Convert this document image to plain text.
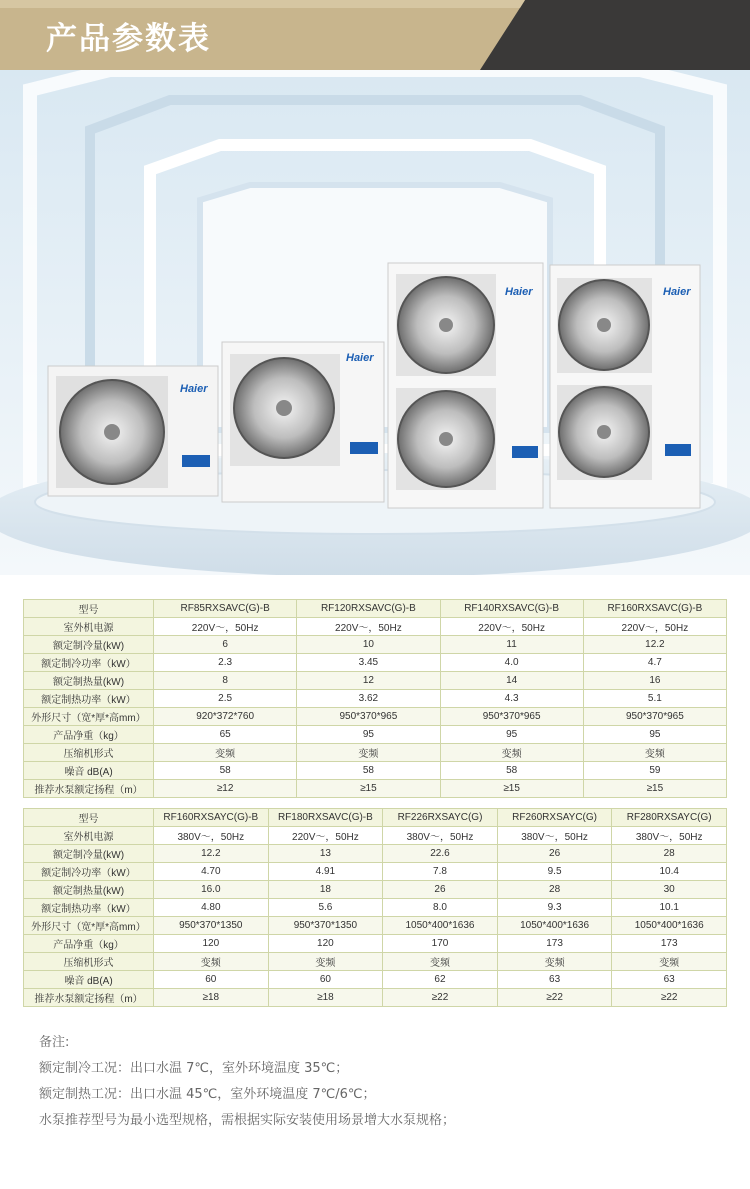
产品参数表
Haier
Haier
Haier	Haier
型号	RF85RXSAVC(G)-B	RF120RXSAVC(G)-B	RF140RXSAVC(G)-B	RF160RXSAVC(G)-B
室外机电源	220V～，50Hz	220V～，50Hz	220V～，50Hz	220V～，50Hz
额定制冷量(kW)	6	10	11	12.2
额定制冷功率（kW）	2.3	3.45	4.0	4.7
额定制热量(kW)	8	12	14	16
额定制热功率（kW）	2.5	3.62	4.3	5.1
外形尺寸（宽*厚*高mm）	920*372*760	950*370*965	950*370*965	950*370*965
产品净重（kg）	65	95	95	95
压缩机形式	变频	变频	变频	变频
噪音 dB(A)	58	58	58	59
推荐水泵额定扬程（m）	≥12	≥15	≥15	≥15
型号	RF160RXSAYC(G)-B	RF180RXSAVC(G)-B	RF226RXSAYC(G)	RF260RXSAYC(G)	RF280RXSAYC(G)
室外机电源	380V～，50Hz	220V～，50Hz	380V～，50Hz	380V～，50Hz	380V～，50Hz
额定制冷量(kW)	12.2	13	22.6	26	28
额定制冷功率（kW）	4.70	4.91	7.8	9.5	10.4
额定制热量(kW)	16.0	18	26	28	30
额定制热功率（kW）	4.80	5.6	8.0	9.3	10.1
外形尺寸（宽*厚*高mm）	950*370*1350	950*370*1350	1050*400*1636	1050*400*1636	1050*400*1636
产品净重（kg）	120	120	170	173	173
压缩机形式	变频	变频	变频	变频	变频
噪音 dB(A)	60	60	62	63	63
推荐水泵额定扬程（m）	≥18	≥18	≥22	≥22	≥22

备注:

额定制冷工况：出口水温 7℃，室外环境温度 35℃；

额定制热工况：出口水温 45℃，室外环境温度 7℃/6℃；

水泵推荐型号为最小选型规格，需根据实际安装使用场景增大水泵规格；
